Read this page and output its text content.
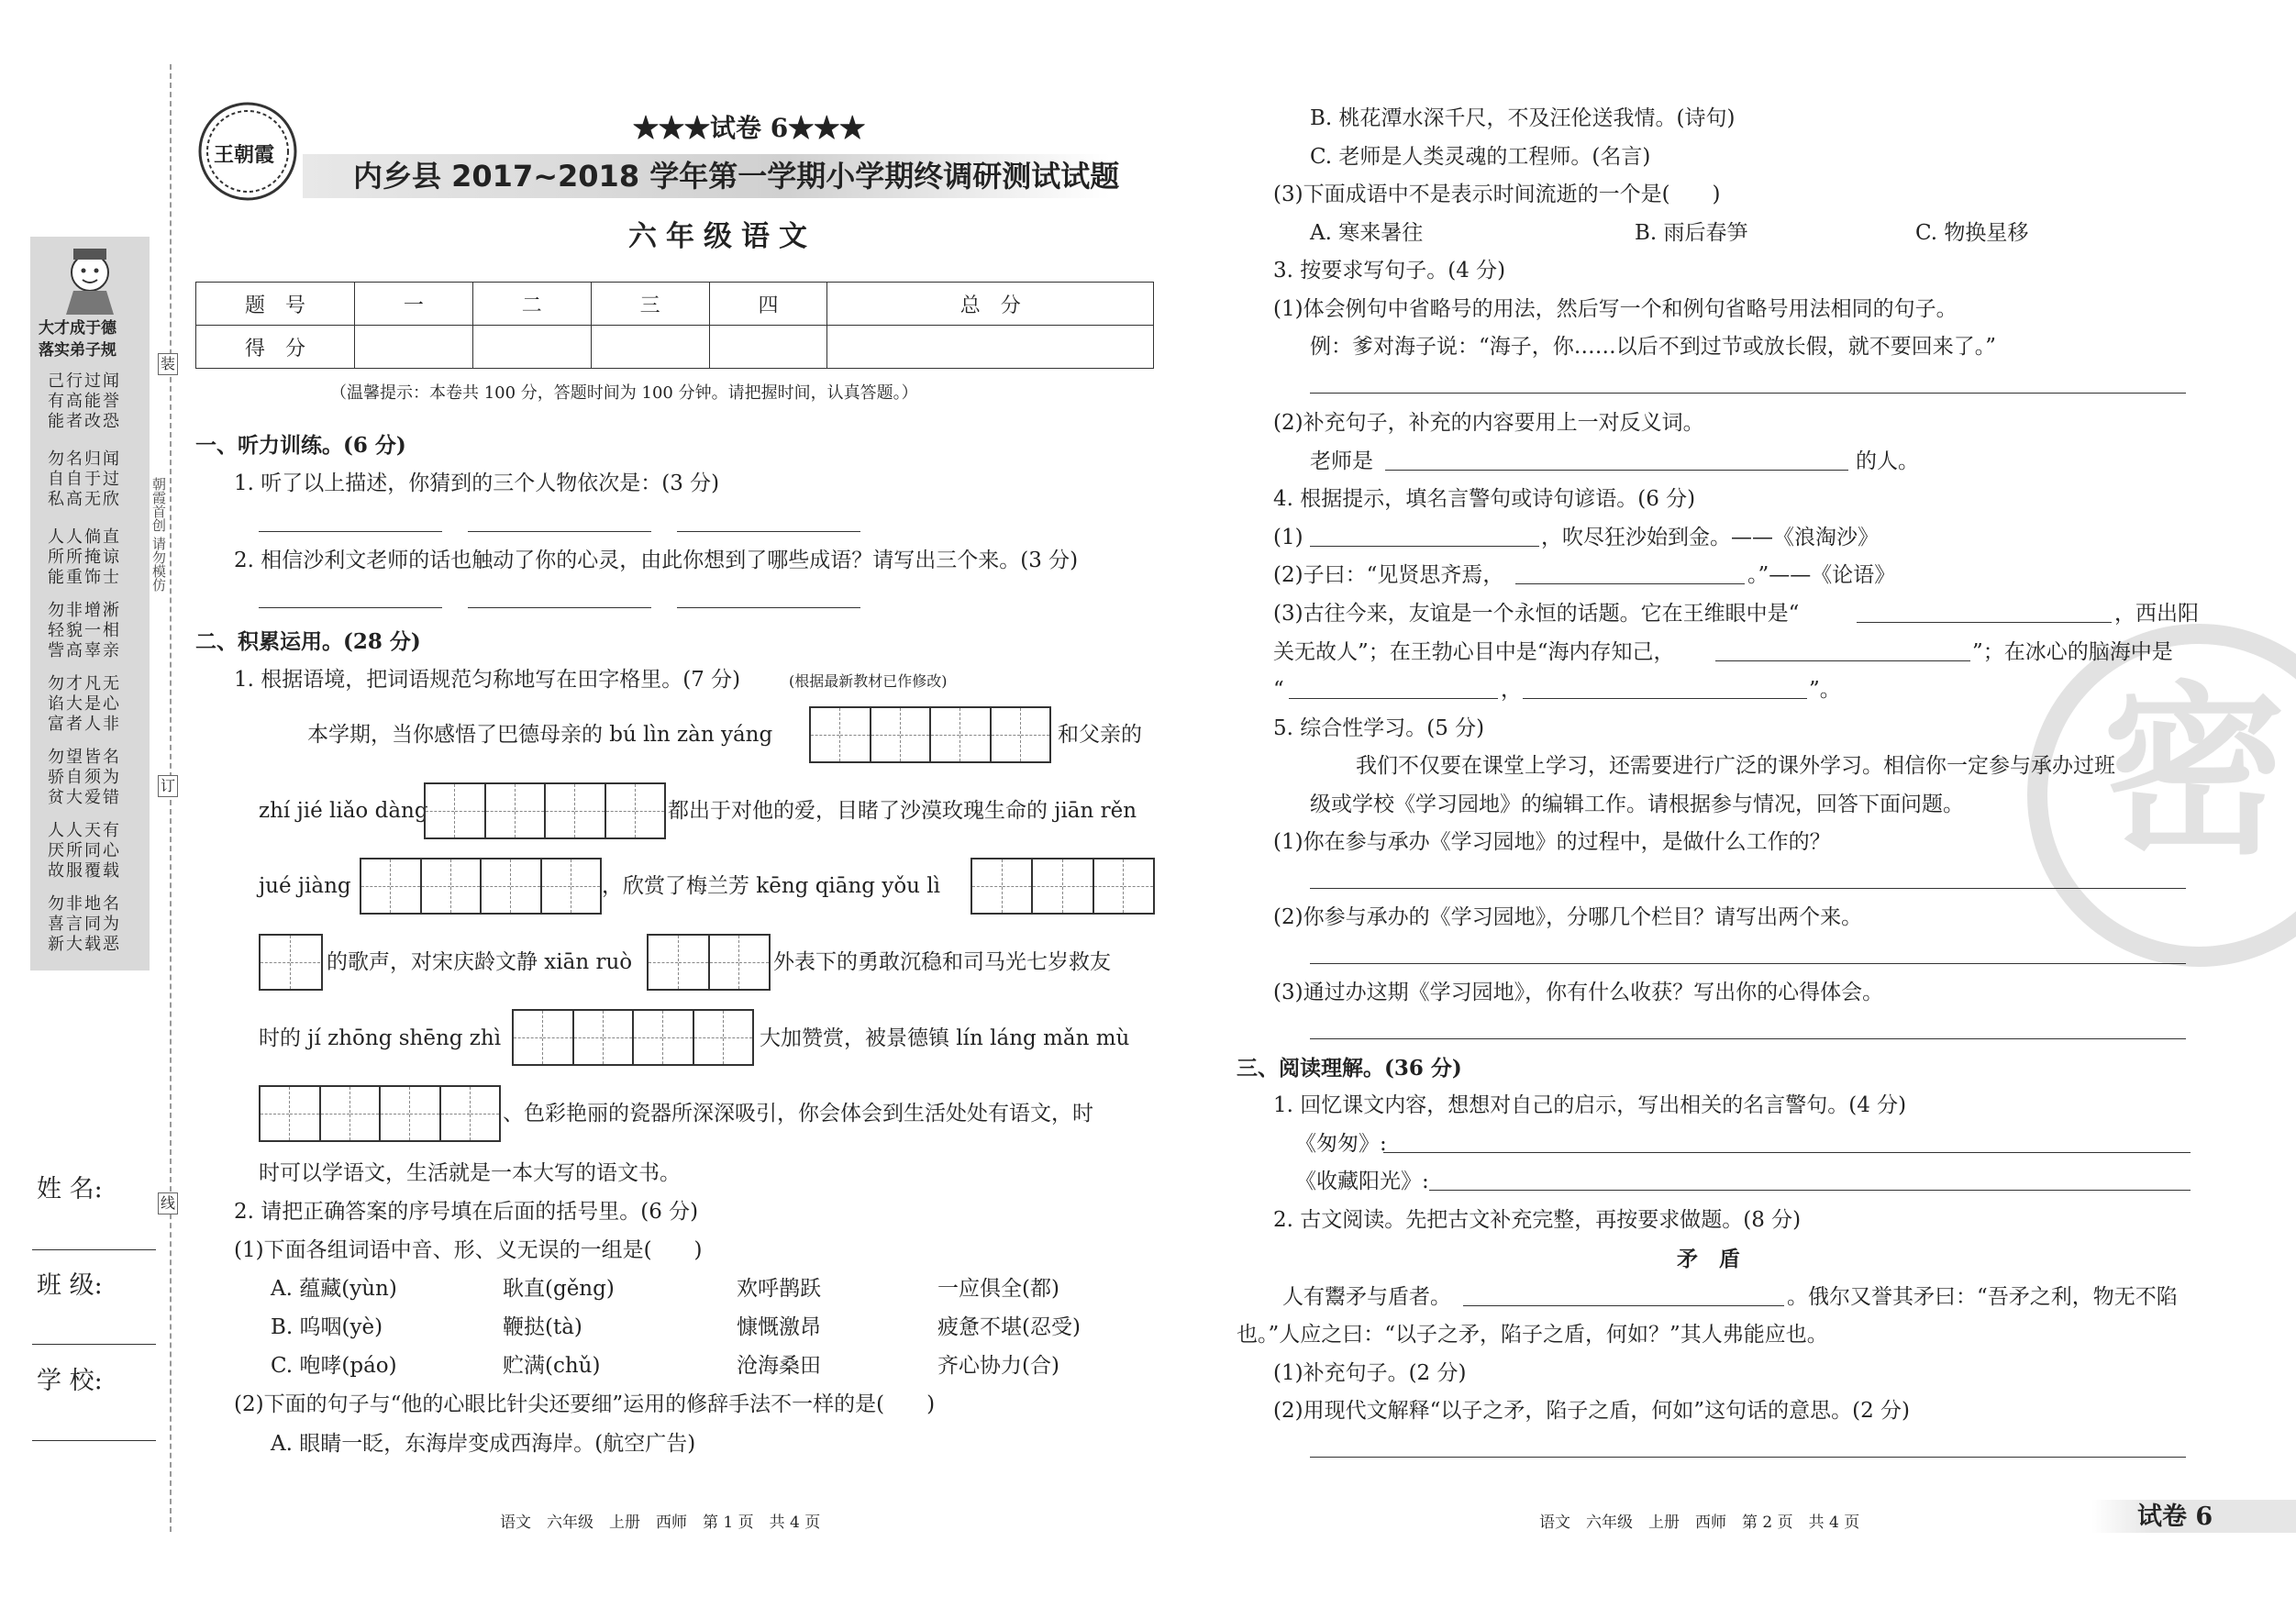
大才成于德
落实弟子规
己行过闻
有高能誉
能者改恐
勿名归闻
自自于过
私高无欣
人人倘直
所所掩谅
能重饰士
勿非增淅
轻貌一相
訾高辜亲
勿才凡无
谄大是心
富者人非
勿望皆名
骄自须为
贫大爱错
人人天有
厌所同心
故服覆载
勿非地名
喜言同为
新大载恶
装
订
线
朝霞首创 请勿模仿
姓 名:
班 级:
学 校:
王朝霞
★★★试卷 6★★★
内乡县 2017~2018 学年第一学期小学期终调研测试试题
六年级语文
题　号	一	二	三	四	总　分
得　分					
（温馨提示：本卷共 100 分，答题时间为 100 分钟。请把握时间，认真答题。）
一、听力训练。(6 分)
1. 听了以上描述，你猜到的三个人物依次是：(3 分)
2. 相信沙利文老师的话也触动了你的心灵，由此你想到了哪些成语？请写出三个来。(3 分)
二、积累运用。(28 分)
1. 根据语境，把词语规范匀称地写在田字格里。(7 分)	(根据最新教材已作修改)
本学期，当你感悟了巴德母亲的 bú lìn zàn yáng	和父亲的
zhí jié liǎo dàng	都出于对他的爱，目睹了沙漠玫瑰生命的 jiān rěn
jué jiàng	，欣赏了梅兰芳 kēng qiāng yǒu lì
的歌声，对宋庆龄文静 xiān ruò	外表下的勇敢沉稳和司马光七岁救友
时的 jí zhōng shēng zhì	大加赞赏，被景德镇 lín láng mǎn mù
、色彩艳丽的瓷器所深深吸引，你会体会到生活处处有语文，时
时可以学语文，生活就是一本大写的语文书。
2. 请把正确答案的序号填在后面的括号里。(6 分)
(1)下面各组词语中音、形、义无误的一组是(　　)
A. 蕴藏(yùn)	耿直(gěng)	欢呼鹊跃	一应俱全(都)
B. 呜咽(yè)	鞭挞(tà)	慷慨激昂	疲惫不堪(忍受)
C. 咆哮(páo)	贮满(chǔ)	沧海桑田	齐心协力(合)
(2)下面的句子与“他的心眼比针尖还要细”运用的修辞手法不一样的是(　　)
A. 眼睛一眨，东海岸变成西海岸。(航空广告)
语文　六年级　上册　西师　第 1 页　共 4 页
密
B. 桃花潭水深千尺，不及汪伦送我情。(诗句)
C. 老师是人类灵魂的工程师。(名言)
(3)下面成语中不是表示时间流逝的一个是(　　)
A. 寒来暑往	B. 雨后春笋	C. 物换星移
3. 按要求写句子。(4 分)
(1)体会例句中省略号的用法，然后写一个和例句省略号用法相同的句子。
例：爹对海子说：“海子，你……以后不到过节或放长假，就不要回来了。”
(2)补充句子，补充的内容要用上一对反义词。
老师是	的人。
4. 根据提示，填名言警句或诗句谚语。(6 分)
(1)	，吹尽狂沙始到金。——《浪淘沙》
(2)子曰：“见贤思齐焉，	。”——《论语》
(3)古往今来，友谊是一个永恒的话题。它在王维眼中是“	，西出阳
关无故人”；在王勃心目中是“海内存知己，	”；在冰心的脑海中是
“	，	”。
5. 综合性学习。(5 分)
我们不仅要在课堂上学习，还需要进行广泛的课外学习。相信你一定参与承办过班
级或学校《学习园地》的编辑工作。请根据参与情况，回答下面问题。
(1)你在参与承办《学习园地》的过程中，是做什么工作的？
(2)你参与承办的《学习园地》，分哪几个栏目？请写出两个来。
(3)通过办这期《学习园地》，你有什么收获？写出你的心得体会。
三、阅读理解。(36 分)
1. 回忆课文内容，想想对自己的启示，写出相关的名言警句。(4 分)
《匆匆》:
《收藏阳光》:
2. 古文阅读。先把古文补充完整，再按要求做题。(8 分)
矛　盾
人有鬻矛与盾者。	。俄尔又誉其矛曰：“吾矛之利，物无不陷
也。”人应之曰：“以子之矛，陷子之盾，何如？”其人弗能应也。
(1)补充句子。(2 分)
(2)用现代文解释“以子之矛，陷子之盾，何如”这句话的意思。(2 分)
语文　六年级　上册　西师　第 2 页　共 4 页	试卷 6
